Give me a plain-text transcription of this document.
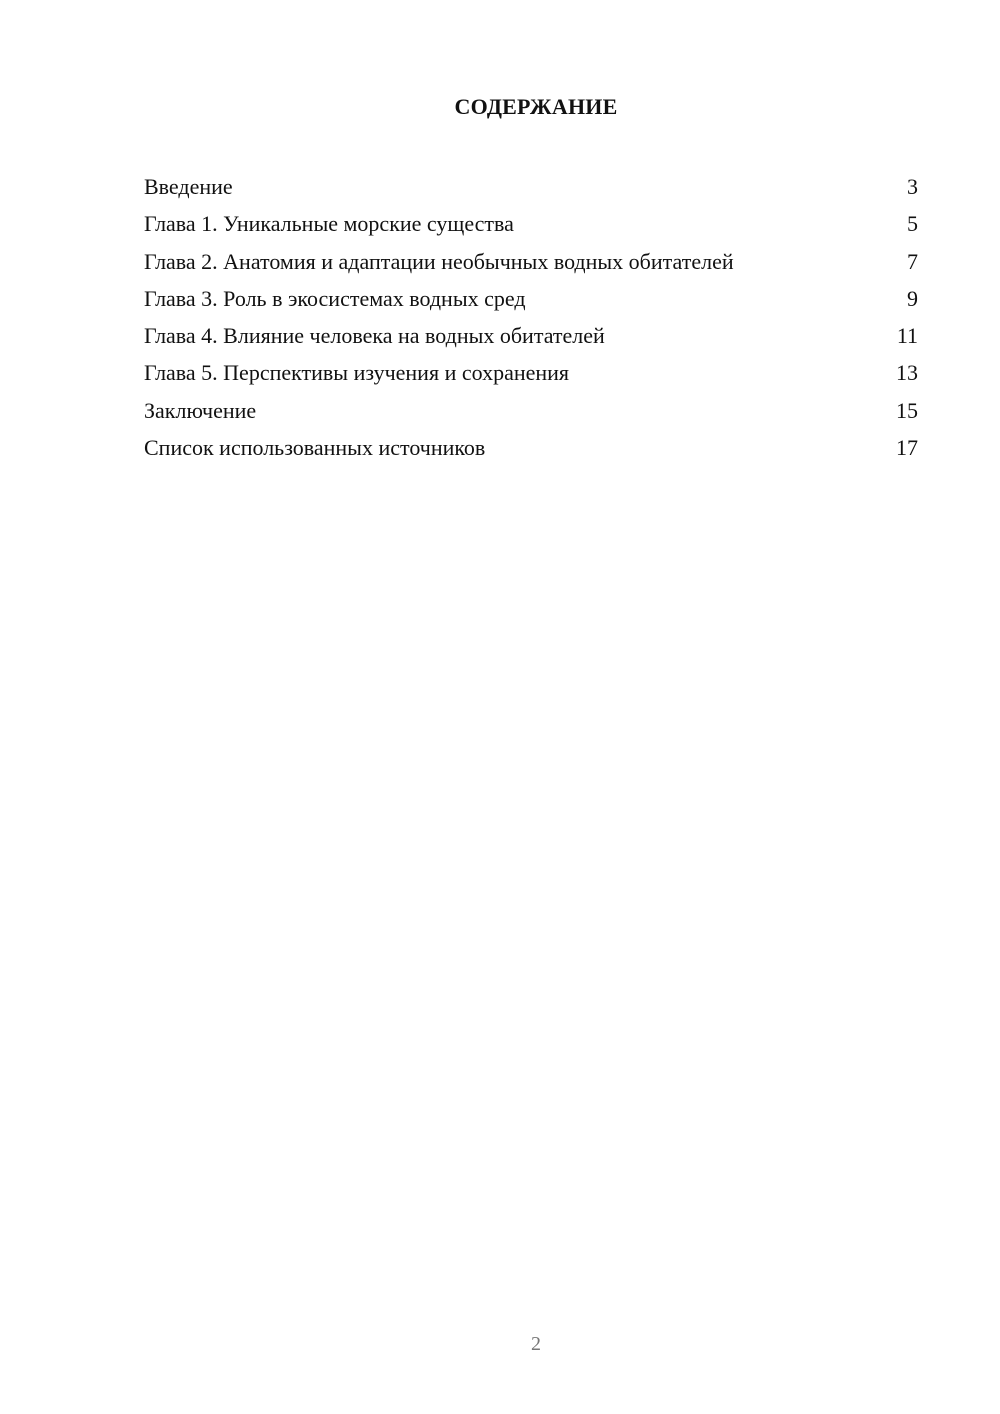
СОДЕРЖАНИЕ
Введение	3
Глава 1. Уникальные морские существа	5
Глава 2. Анатомия и адаптации необычных водных обитателей	7
Глава 3. Роль в экосистемах водных сред	9
Глава 4. Влияние человека на водных обитателей	11
Глава 5. Перспективы изучения и сохранения	13
Заключение	15
Список использованных источников	17
2
